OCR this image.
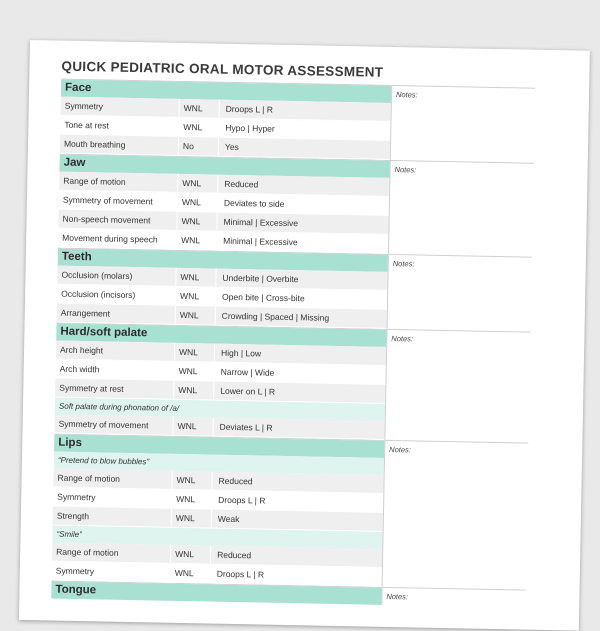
QUICK PEDIATRIC ORAL MOTOR ASSESSMENT
Face
Symmetry	WNL	Droops L | R
Tone at rest	WNL	Hypo | Hyper
Mouth breathing	No	Yes
Notes:
Jaw
Range of motion	WNL	Reduced
Symmetry of movement	WNL	Deviates to side
Non-speech movement	WNL	Minimal | Excessive
Movement during speech	WNL	Minimal | Excessive
Notes:
Teeth
Occlusion (molars)	WNL	Underbite | Overbite
Occlusion (incisors)	WNL	Open bite | Cross-bite
Arrangement	WNL	Crowding | Spaced | Missing
Notes:
Hard/soft palate
Arch height	WNL	High | Low
Arch width	WNL	Narrow | Wide
Symmetry at rest	WNL	Lower on L | R
Soft palate during phonation of /a/
Symmetry of movement	WNL	Deviates L | R
Notes:
Lips
“Pretend to blow bubbles”
Range of motion	WNL	Reduced
Symmetry	WNL	Droops L | R
Strength	WNL	Weak
“Smile”
Range of motion	WNL	Reduced
Symmetry	WNL	Droops L | R
Notes:
Tongue
Notes:
